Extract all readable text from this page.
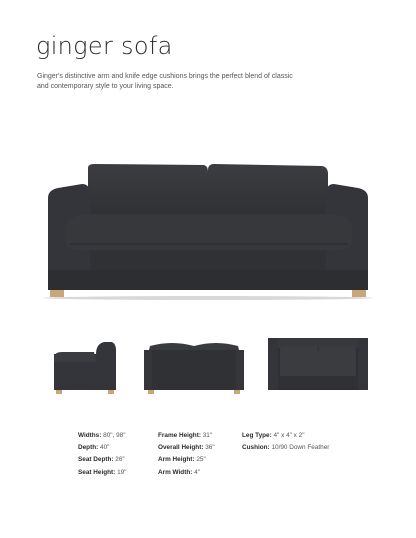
ginger sofa
Ginger's distinctive arm and knife edge cushions brings the perfect blend of classic and contemporary style to your living space.
Widths: 80", 98"
Depth: 40"
Seat Depth: 26"
Seat Height: 19"
Frame Height: 31"
Overall Height: 36"
Arm Height: 25"
Arm Width: 4"
Leg Type: 4" x 4" x 2"
Cushion: 10/90 Down Feather
